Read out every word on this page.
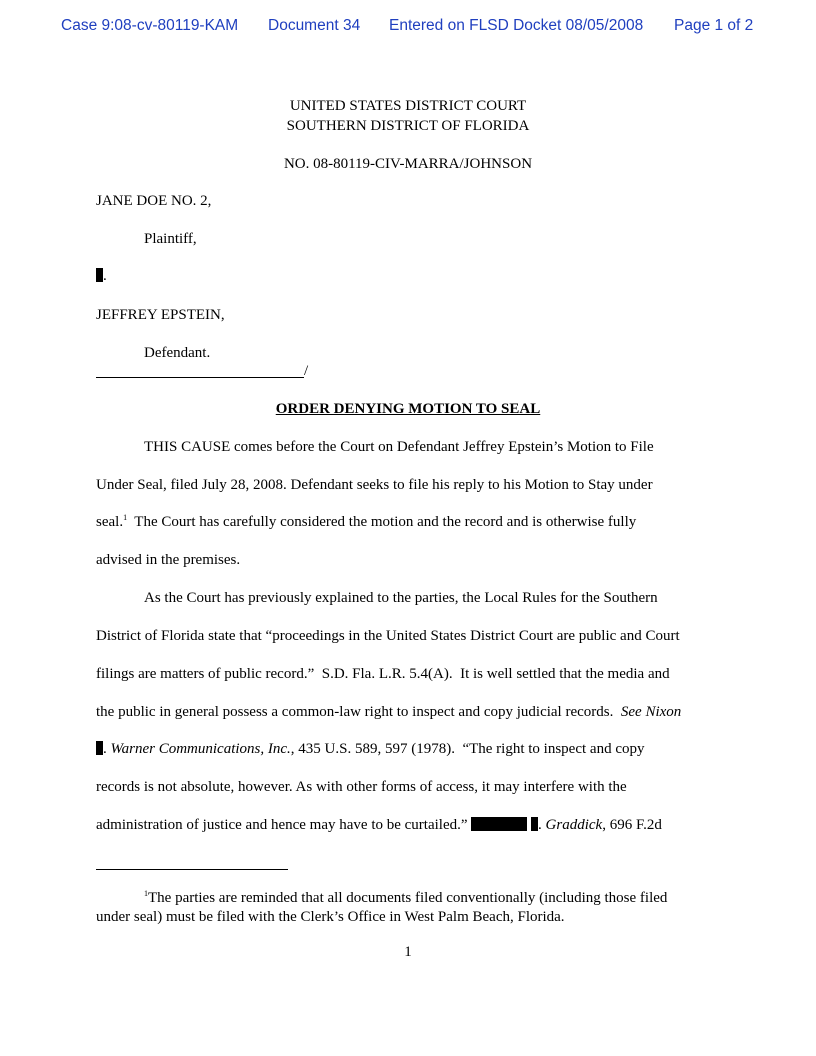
Case 9:08-cv-80119-KAM Document 34 Entered on FLSD Docket 08/05/2008 Page 1 of 2
UNITED STATES DISTRICT COURT
SOUTHERN DISTRICT OF FLORIDA
NO. 08-80119-CIV-MARRA/JOHNSON
JANE DOE NO. 2,
Plaintiff,
.
JEFFREY EPSTEIN,
Defendant.
/
ORDER DENYING MOTION TO SEAL
THIS CAUSE comes before the Court on Defendant Jeffrey Epstein’s Motion to File
Under Seal, filed July 28, 2008. Defendant seeks to file his reply to his Motion to Stay under
seal.$^1$  The Court has carefully considered the motion and the record and is otherwise fully
advised in the premises.
As the Court has previously explained to the parties, the Local Rules for the Southern
District of Florida state that “proceedings in the United States District Court are public and Court
filings are matters of public record.”  S.D. Fla. L.R. 5.4(A).  It is well settled that the media and
the public in general possess a common-law right to inspect and copy judicial records.  See Nixon
. Warner Communications, Inc., 435 U.S. 589, 597 (1978).  “The right to inspect and copy
records is not absolute, however. As with other forms of access, it may interfere with the
administration of justice and hence may have to be curtailed.”	. Graddick, 696 F.2d
$^1$The parties are reminded that all documents filed conventionally (including those filed
under seal) must be filed with the Clerk’s Office in West Palm Beach, Florida.
1
